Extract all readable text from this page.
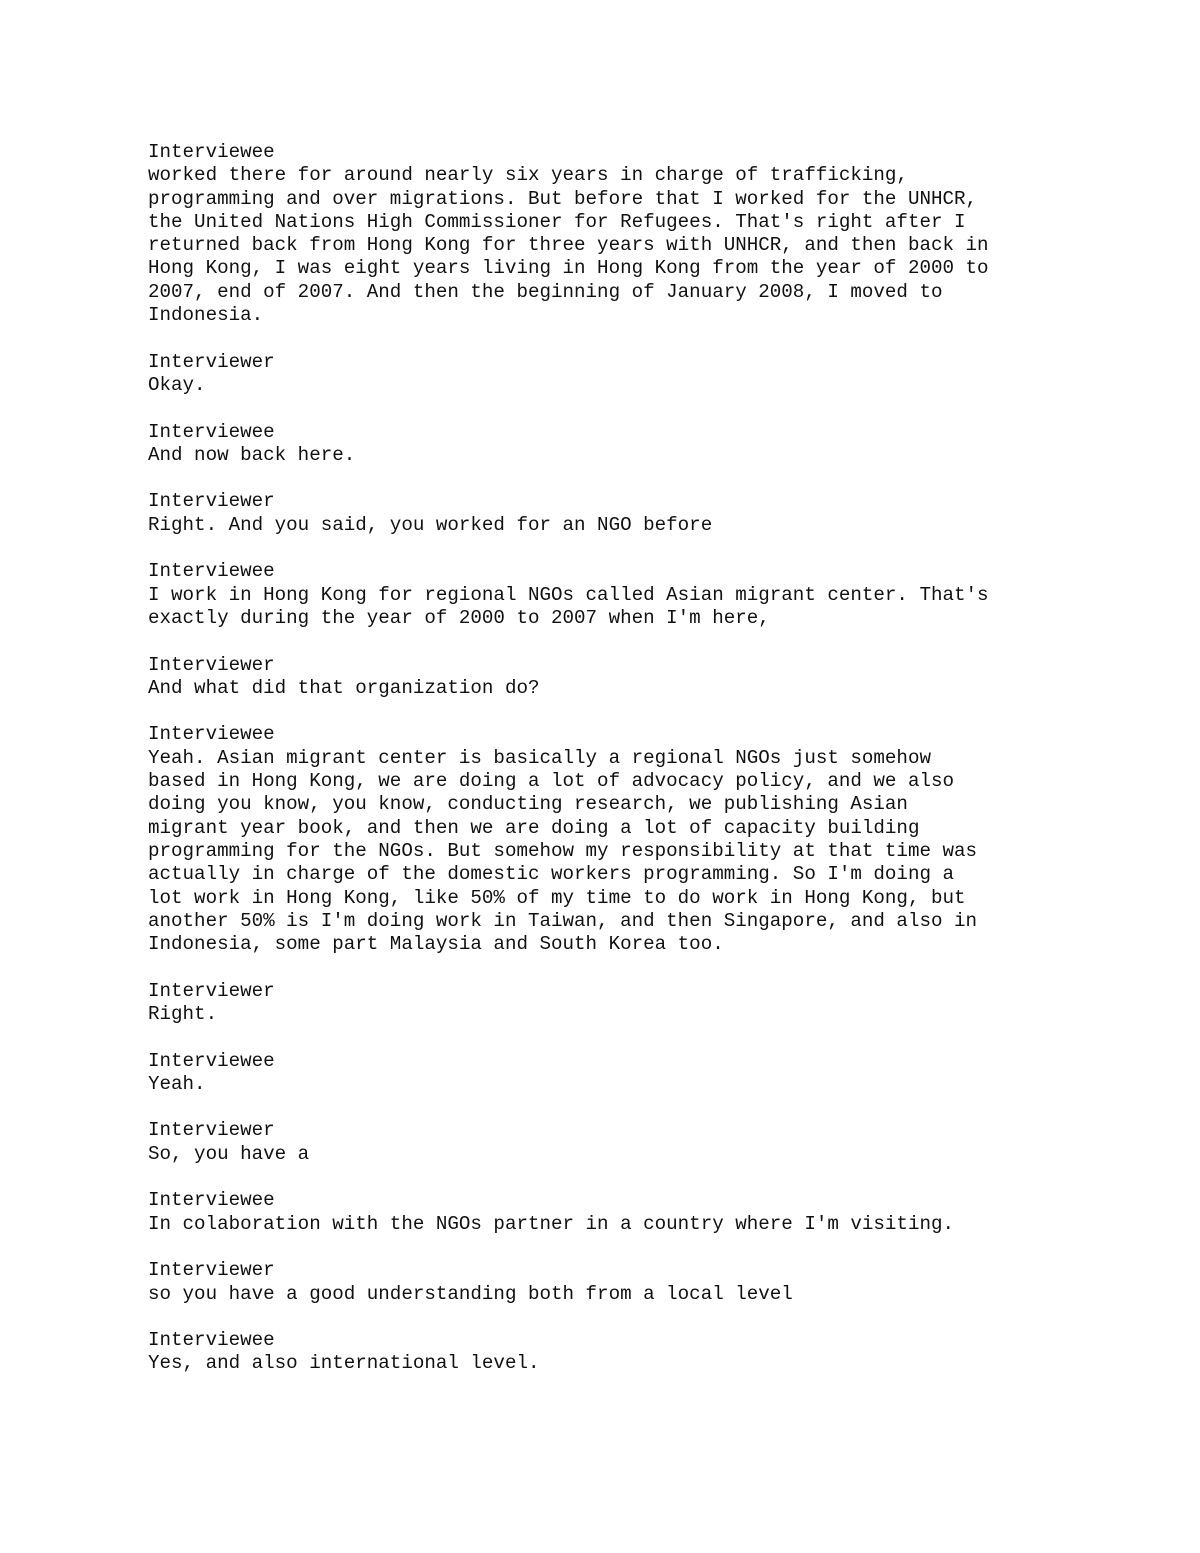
Interviewee
worked there for around nearly six years in charge of trafficking,
programming and over migrations. But before that I worked for the UNHCR,
the United Nations High Commissioner for Refugees. That's right after I
returned back from Hong Kong for three years with UNHCR, and then back in
Hong Kong, I was eight years living in Hong Kong from the year of 2000 to
2007, end of 2007. And then the beginning of January 2008, I moved to
Indonesia.
Interviewer
Okay.
Interviewee
And now back here.
Interviewer
Right. And you said, you worked for an NGO before
Interviewee
I work in Hong Kong for regional NGOs called Asian migrant center. That's
exactly during the year of 2000 to 2007 when I'm here,
Interviewer
And what did that organization do?
Interviewee
Yeah. Asian migrant center is basically a regional NGOs just somehow
based in Hong Kong, we are doing a lot of advocacy policy, and we also
doing you know, you know, conducting research, we publishing Asian
migrant year book, and then we are doing a lot of capacity building
programming for the NGOs. But somehow my responsibility at that time was
actually in charge of the domestic workers programming. So I'm doing a
lot work in Hong Kong, like 50% of my time to do work in Hong Kong, but
another 50% is I'm doing work in Taiwan, and then Singapore, and also in
Indonesia, some part Malaysia and South Korea too.
Interviewer
Right.
Interviewee
Yeah.
Interviewer
So, you have a
Interviewee
In colaboration with the NGOs partner in a country where I'm visiting.
Interviewer
so you have a good understanding both from a local level
Interviewee
Yes, and also international level.
